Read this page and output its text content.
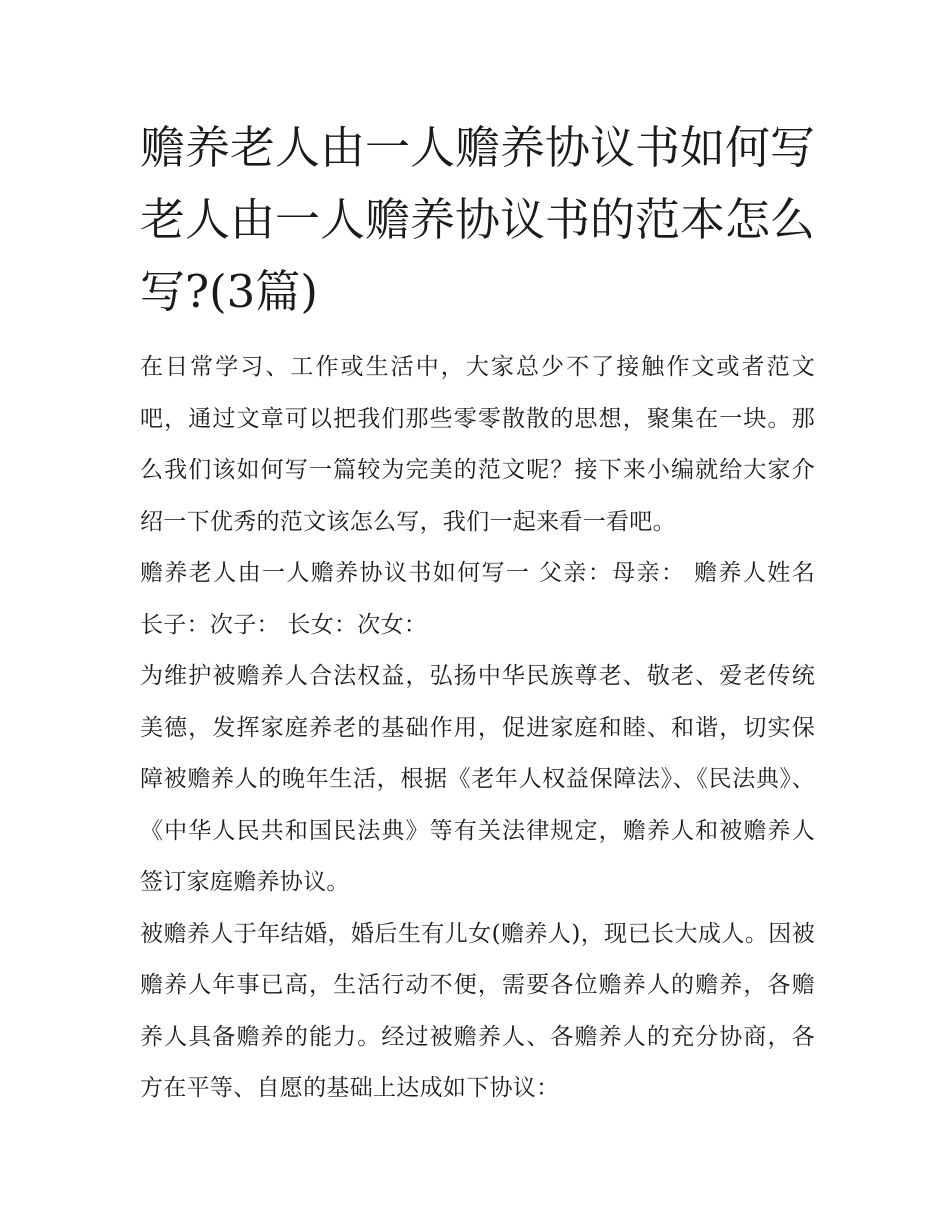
赡养老人由一人赡养协议书如何写 老人由一人赡养协议书的范本怎么写?(3篇)

在日常学习、工作或生活中，大家总少不了接触作文或者范文吧，通过文章可以把我们那些零零散散的思想，聚集在一块。那么我们该如何写一篇较为完美的范文呢？接下来小编就给大家介绍一下优秀的范文该怎么写，我们一起来看一看吧。

赡养老人由一人赡养协议书如何写一 父亲：母亲： 赡养人姓名 长子：次子： 长女：次女：

为维护被赡养人合法权益，弘扬中华民族尊老、敬老、爱老传统美德，发挥家庭养老的基础作用，促进家庭和睦、和谐，切实保障被赡养人的晚年生活，根据《老年人权益保障法》、《民法典》、《中华人民共和国民法典》等有关法律规定，赡养人和被赡养人签订家庭赡养协议。

被赡养人于年结婚，婚后生有儿女(赡养人)，现已长大成人。因被赡养人年事已高，生活行动不便，需要各位赡养人的赡养，各赡养人具备赡养的能力。经过被赡养人、各赡养人的充分协商，各方在平等、自愿的基础上达成如下协议：
